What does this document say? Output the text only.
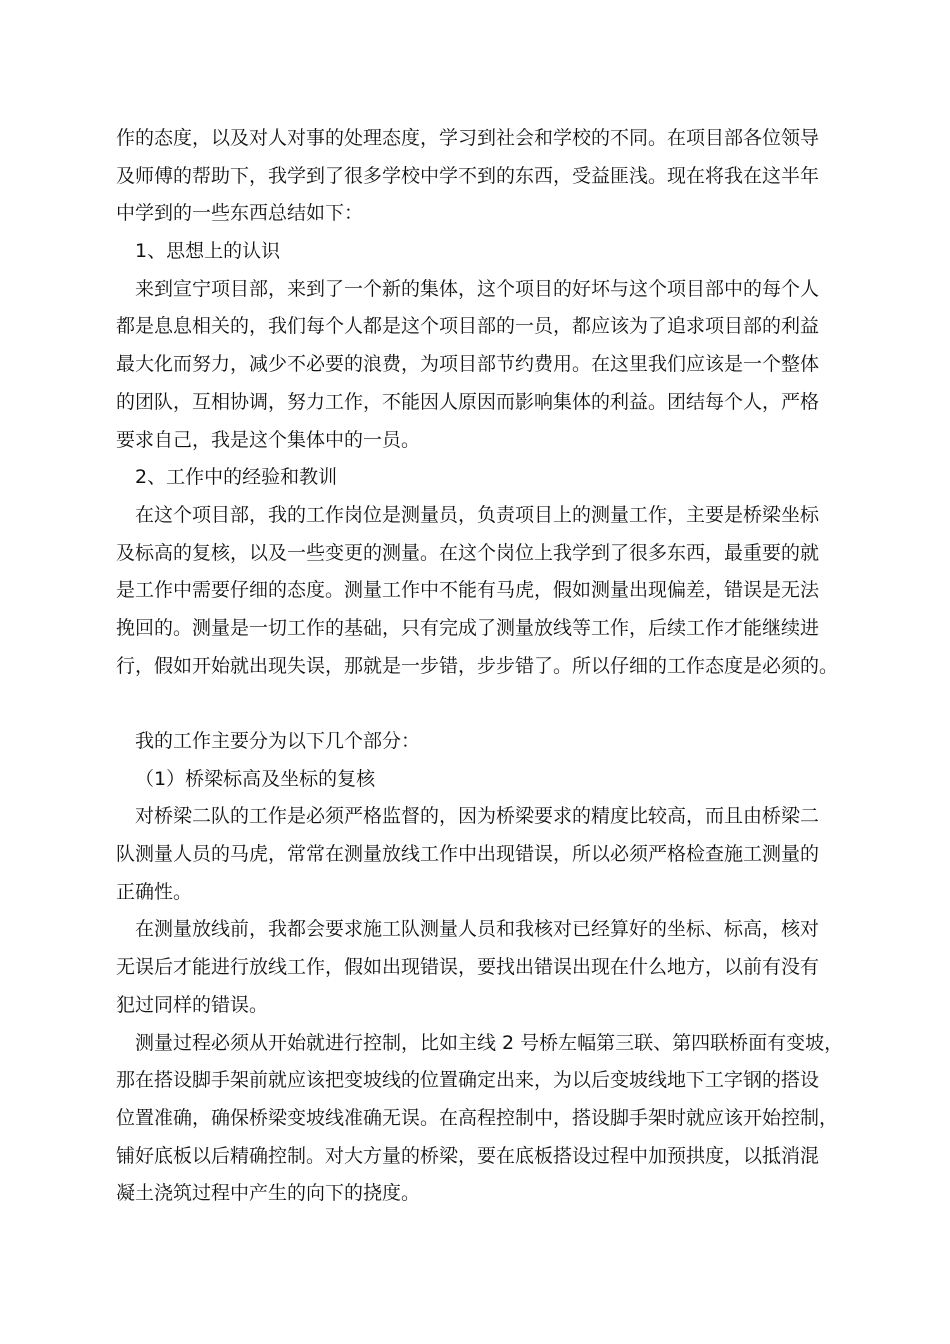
作的态度，以及对人对事的处理态度，学习到社会和学校的不同。在项目部各位领导
及师傅的帮助下，我学到了很多学校中学不到的东西，受益匪浅。现在将我在这半年
中学到的一些东西总结如下：
1、思想上的认识
来到宣宁项目部，来到了一个新的集体，这个项目的好坏与这个项目部中的每个人
都是息息相关的，我们每个人都是这个项目部的一员，都应该为了追求项目部的利益
最大化而努力，减少不必要的浪费，为项目部节约费用。在这里我们应该是一个整体
的团队，互相协调，努力工作，不能因人原因而影响集体的利益。团结每个人，严格
要求自己，我是这个集体中的一员。
2、工作中的经验和教训
在这个项目部，我的工作岗位是测量员，负责项目上的测量工作，主要是桥梁坐标
及标高的复核，以及一些变更的测量。在这个岗位上我学到了很多东西，最重要的就
是工作中需要仔细的态度。测量工作中不能有马虎，假如测量出现偏差，错误是无法
挽回的。测量是一切工作的基础，只有完成了测量放线等工作，后续工作才能继续进
行，假如开始就出现失误，那就是一步错，步步错了。所以仔细的工作态度是必须的。
我的工作主要分为以下几个部分：
（1）桥梁标高及坐标的复核
对桥梁二队的工作是必须严格监督的，因为桥梁要求的精度比较高，而且由桥梁二
队测量人员的马虎，常常在测量放线工作中出现错误，所以必须严格检查施工测量的
正确性。
在测量放线前，我都会要求施工队测量人员和我核对已经算好的坐标、标高，核对
无误后才能进行放线工作，假如出现错误，要找出错误出现在什么地方，以前有没有
犯过同样的错误。
测量过程必须从开始就进行控制，比如主线 2 号桥左幅第三联、第四联桥面有变坡，
那在搭设脚手架前就应该把变坡线的位置确定出来，为以后变坡线地下工字钢的搭设
位置准确，确保桥梁变坡线准确无误。在高程控制中，搭设脚手架时就应该开始控制，
铺好底板以后精确控制。对大方量的桥梁，要在底板搭设过程中加预拱度，以抵消混
凝土浇筑过程中产生的向下的挠度。
